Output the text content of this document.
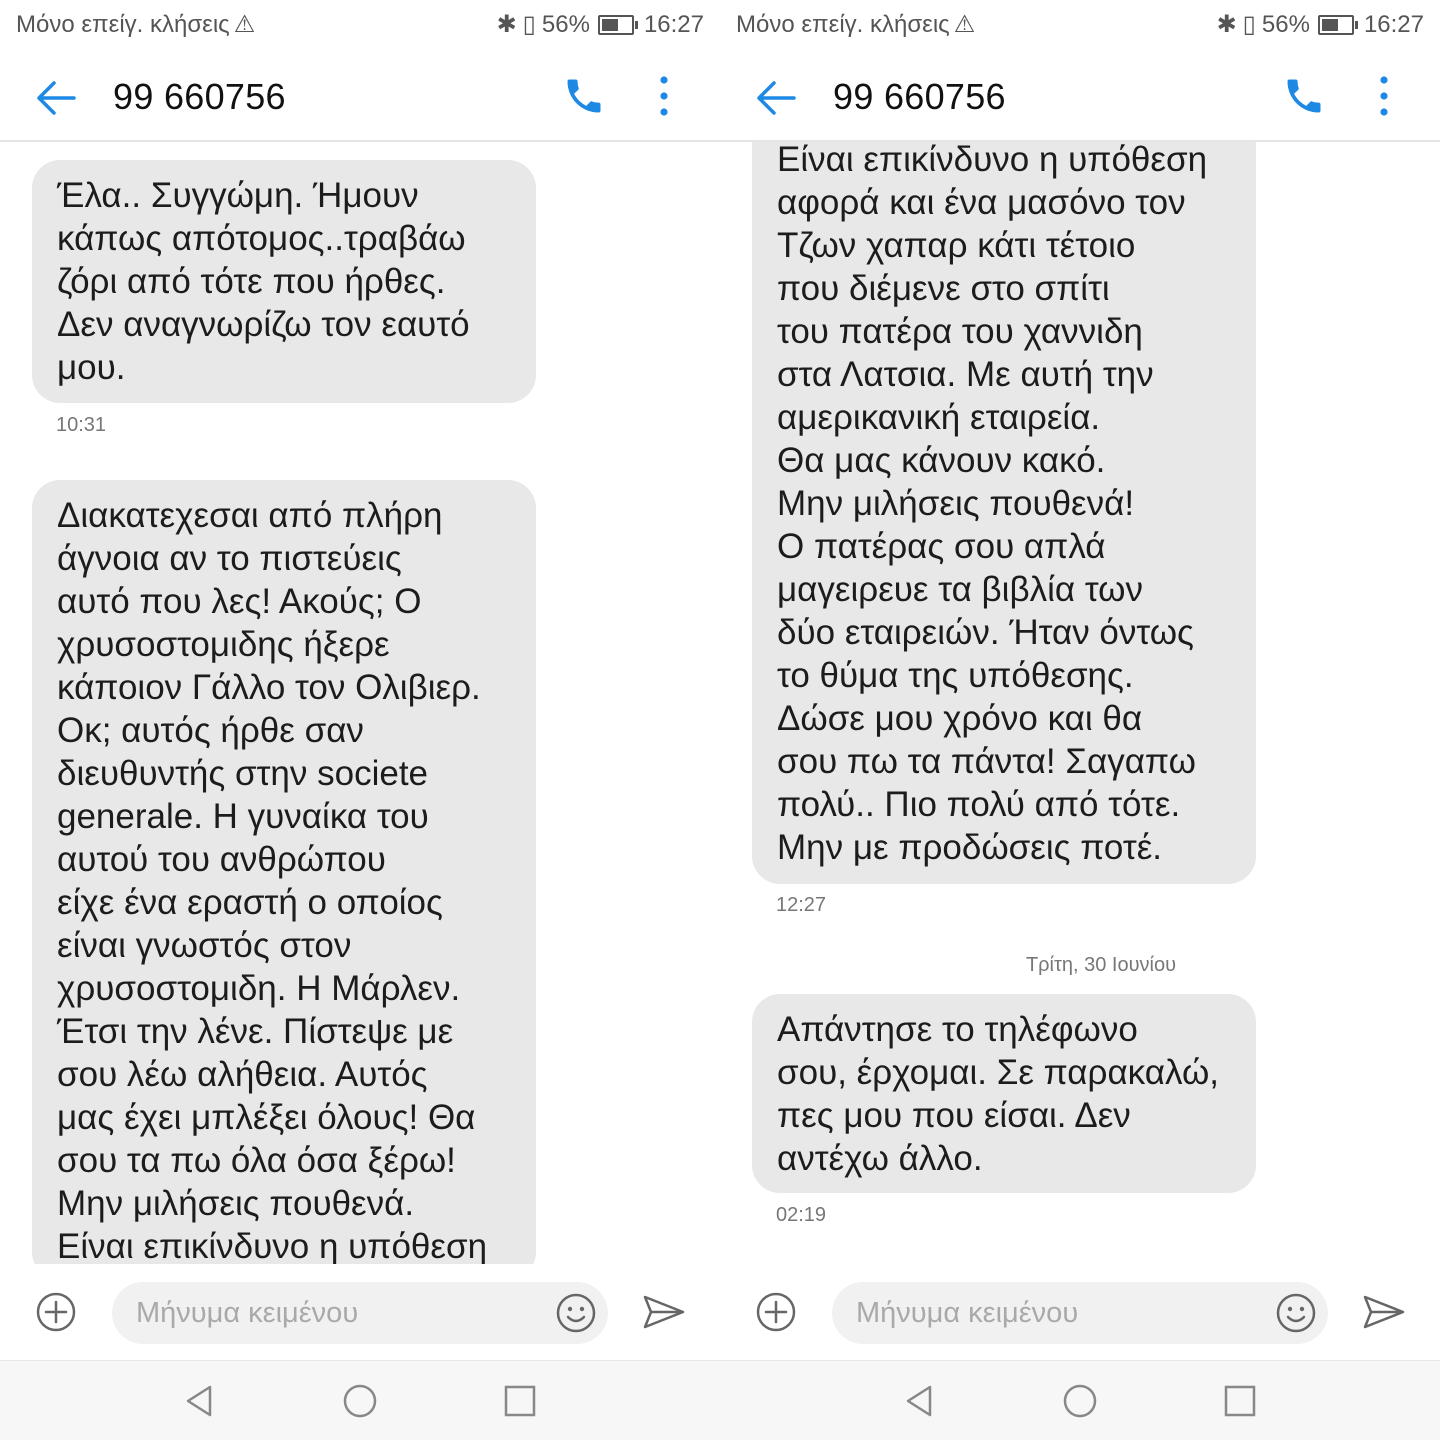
Μόνο επείγ. κλήσεις ⚠	✱ ▯ 56% 16:27
99 660756
Έλα.. Συγγώμη. Ήμουν
κάπως απότομος..τραβάω
ζόρι από τότε που ήρθες.
Δεν αναγνωρίζω τον εαυτό
μου.
10:31
Διακατεχεσαι από πλήρη
άγνοια αν το πιστεύεις
αυτό που λες! Ακούς; Ο
χρυσοστομιδης ήξερε
κάποιον Γάλλο τον Ολιβιερ.
Οκ; αυτός ήρθε σαν
διευθυντής στην societe
generale. Η γυναίκα του
αυτού του ανθρώπου
είχε ένα εραστή ο οποίος
είναι γνωστός στον
χρυσοστομιδη. Η Μάρλεν.
Έτσι την λένε. Πίστεψε με
σου λέω αλήθεια. Αυτός
μας έχει μπλέξει όλους! Θα
σου τα πω όλα όσα ξέρω!
Μην μιλήσεις πουθενά.
Είναι επικίνδυνο η υπόθεση
Μήνυμα κειμένου
Μόνο επείγ. κλήσεις ⚠	✱ ▯ 56% 16:27
99 660756
Είναι επικίνδυνο η υπόθεση
αφορά και ένα μασόνο τον
Τζων χαπαρ κάτι τέτοιο
που διέμενε στο σπίτι
του πατέρα του χαννιδη
στα Λατσια. Με αυτή την
αμερικανική εταιρεία.
Θα μας κάνουν κακό.
Μην μιλήσεις πουθενά!
Ο πατέρας σου απλά
μαγειρευε τα βιβλία των
δύο εταιρειών. Ήταν όντως
το θύμα της υπόθεσης.
Δώσε μου χρόνο και θα
σου πω τα πάντα! Σαγαπω
πολύ.. Πιο πολύ από τότε.
Μην με προδώσεις ποτέ.
12:27
Τρίτη, 30 Ιουνίου
Απάντησε το τηλέφωνο
σου, έρχομαι. Σε παρακαλώ,
πες μου που είσαι. Δεν
αντέχω άλλο.
02:19
Μήνυμα κειμένου
